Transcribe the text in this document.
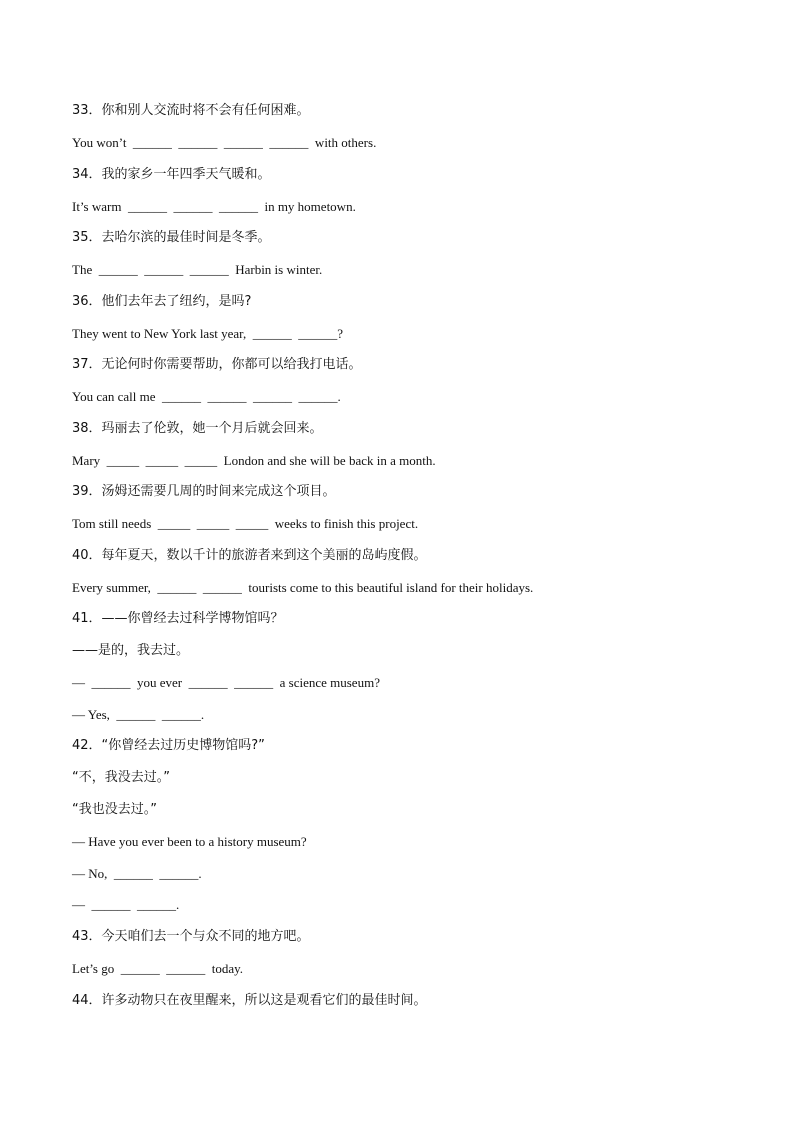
33．你和别人交流时将不会有任何困难。
You won’t  ______  ______  ______  ______  with others.
34．我的家乡一年四季天气暖和。
It’s warm  ______  ______  ______  in my hometown.
35．去哈尔滨的最佳时间是冬季。
The  ______  ______  ______  Harbin is winter.
36．他们去年去了纽约，是吗?
They went to New York last year,  ______  ______?
37．无论何时你需要帮助，你都可以给我打电话。
You can call me  ______  ______  ______  ______.
38．玛丽去了伦敦，她一个月后就会回来。
Mary  _____  _____  _____  London and she will be back in a month.
39．汤姆还需要几周的时间来完成这个项目。
Tom still needs  _____  _____  _____  weeks to finish this project.
40．每年夏天，数以千计的旅游者来到这个美丽的岛屿度假。
Every summer,  ______  ______  tourists come to this beautiful island for their holidays.
41．——你曾经去过科学博物馆吗？
——是的，我去过。
—  ______  you ever  ______  ______  a science museum?
— Yes,  ______  ______.
42．“你曾经去过历史博物馆吗?”
“不，我没去过。”
“我也没去过。”
— Have you ever been to a history museum?
— No,  ______  ______.
—  ______  ______.
43．今天咱们去一个与众不同的地方吧。
Let’s go  ______  ______  today.
44．许多动物只在夜里醒来，所以这是观看它们的最佳时间。
